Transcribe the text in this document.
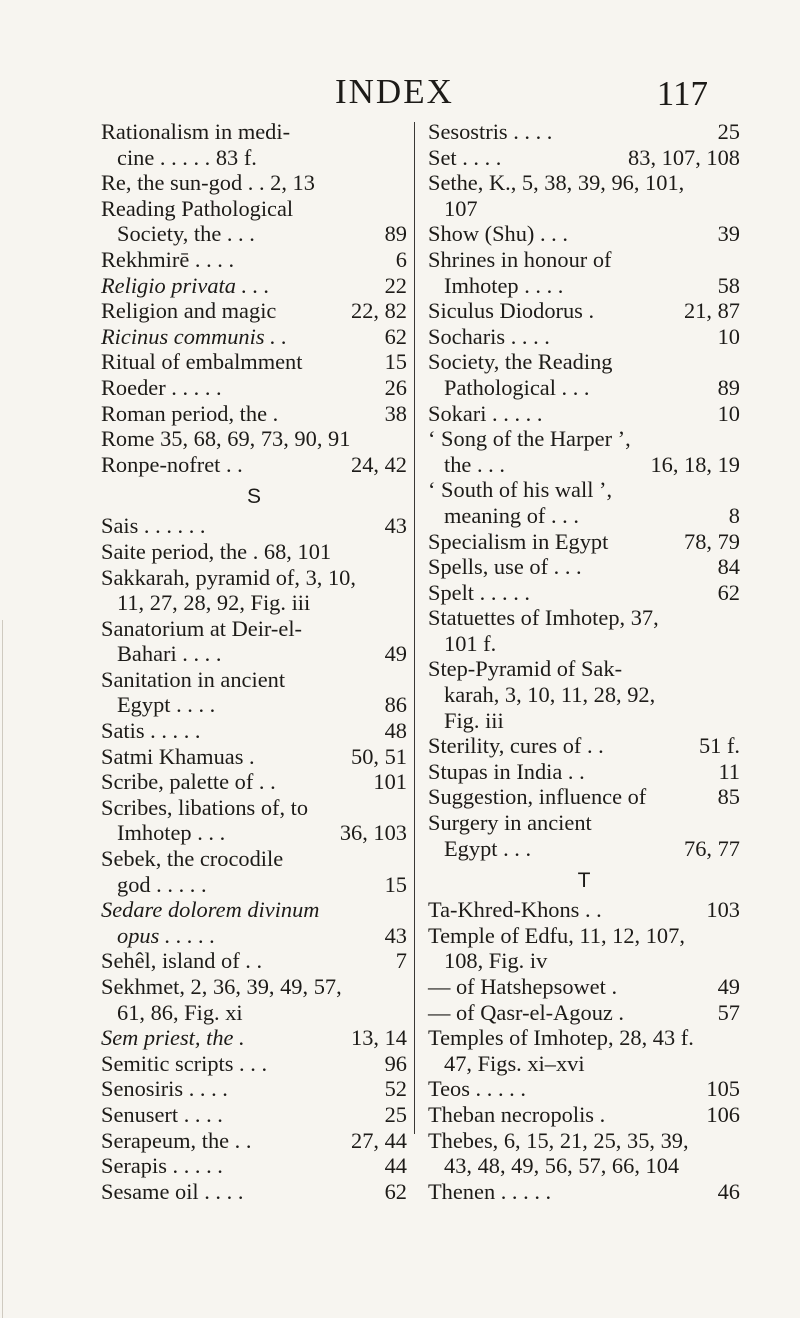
INDEX	117
Rationalism in medi-
cine . . . . . 83 f.
Re, the sun-god . . 2, 13
Reading Pathological
Society, the . . .	89
Rekhmirē . . . .	6
Religio privata . . .	22
Religion and magic	22, 82
Ricinus communis . .	62
Ritual of embalmment	15
Roeder . . . . .	26
Roman period, the .	38
Rome 35, 68, 69, 73, 90, 91
Ronpe-nofret . .	24, 42
S
Sais . . . . . .	43
Saite period, the . 68, 101
Sakkarah, pyramid of, 3, 10,
11, 27, 28, 92, Fig. iii
Sanatorium at Deir-el-
Bahari . . . .	49
Sanitation in ancient
Egypt . . . .	86
Satis . . . . .	48
Satmi Khamuas .	50, 51
Scribe, palette of . .	101
Scribes, libations of, to
Imhotep . . .	36, 103
Sebek, the crocodile
god . . . . .	15
Sedare dolorem divinum
opus . . . . .	43
Sehêl, island of . .	7
Sekhmet, 2, 36, 39, 49, 57,
61, 86, Fig. xi
Sem priest, the .	13, 14
Semitic scripts . . .	96
Senosiris . . . .	52
Senusert . . . .	25
Serapeum, the . .	27, 44
Serapis . . . . .	44
Sesame oil . . . .	62
Sesostris . . . .	25
Set . . . .	83, 107, 108
Sethe, K., 5, 38, 39, 96, 101,
107
Show (Shu) . . .	39
Shrines in honour of
Imhotep . . . .	58
Siculus Diodorus .	21, 87
Socharis . . . .	10
Society, the Reading
Pathological . . .	89
Sokari . . . . .	10
‘ Song of the Harper ’,
the . . .	16, 18, 19
‘ South of his wall ’,
meaning of . . .	8
Specialism in Egypt	78, 79
Spells, use of . . .	84
Spelt . . . . .	62
Statuettes of Imhotep, 37,
101 f.
Step-Pyramid of Sak-
karah, 3, 10, 11, 28, 92,
Fig. iii
Sterility, cures of . .	51 f.
Stupas in India . .	11
Suggestion, influence of	85
Surgery in ancient
Egypt . . .	76, 77
T
Ta-Khred-Khons . .	103
Temple of Edfu, 11, 12, 107,
108, Fig. iv
— of Hatshepsowet .	49
— of Qasr-el-Agouz .	57
Temples of Imhotep, 28, 43 f.
47, Figs. xi–xvi
Teos . . . . .	105
Theban necropolis .	106
Thebes, 6, 15, 21, 25, 35, 39,
43, 48, 49, 56, 57, 66, 104
Thenen . . . . .	46
